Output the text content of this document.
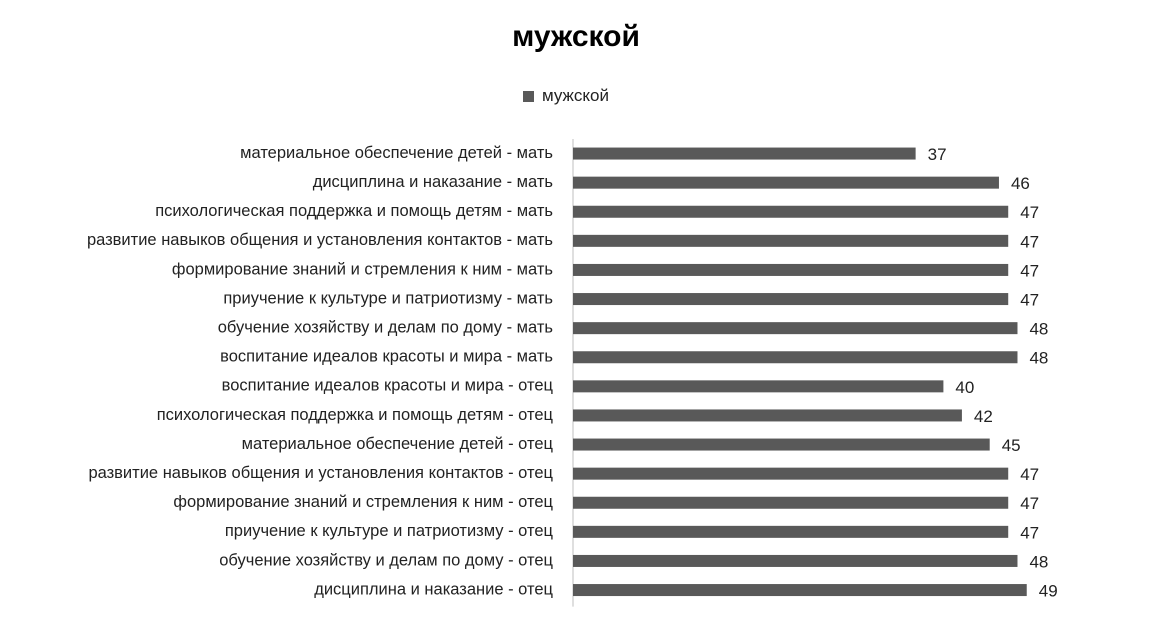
мужской
мужской
материальное обеспечение детей - мать	37
дисциплина и наказание - мать	46
психологическая поддержка и помощь детям - мать	47
развитие навыков общения и установления контактов - мать	47
формирование знаний и стремления к ним - мать	47
приучение к культуре и патриотизму - мать	47
обучение хозяйству и делам по дому - мать	48
воспитание идеалов красоты и мира - мать	48
воспитание идеалов красоты и мира - отец	40
психологическая поддержка и помощь детям - отец	42
материальное обеспечение детей - отец	45
развитие навыков общения и установления контактов - отец	47
формирование знаний и стремления к ним - отец	47
приучение к культуре и патриотизму - отец	47
обучение хозяйству и делам по дому - отец	48
дисциплина и наказание - отец	49
